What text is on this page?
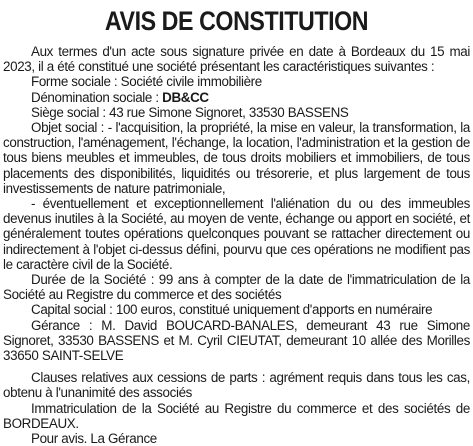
AVIS DE CONSTITUTION

Aux termes d'un acte sous signature privée en date à Bordeaux du 15 mai 2023, il a été constitué une société présentant les caractéristiques suivantes :

Forme sociale : Société civile immobilière

Dénomination sociale : DB&CC

Siège social : 43 rue Simone Signoret, 33530 BASSENS

Objet social : - l'acquisition, la propriété, la mise en valeur, la transformation, la construction, l'aménagement, l'échange, la location, l'administration et la gestion de tous biens meubles et immeubles, de tous droits mobiliers et immobiliers, de tous placements des disponibilités, liquidités ou trésorerie, et plus largement de tous investissements de nature patrimoniale,

- éventuellement et exceptionnellement l'aliénation du ou des immeubles devenus inutiles à la Société, au moyen de vente, échange ou apport en société, et généralement toutes opérations quelconques pouvant se rattacher directement ou indirectement à l'objet ci-dessus défini, pourvu que ces opérations ne modifient pas le caractère civil de la Société.

Durée de la Société : 99 ans à compter de la date de l'immatriculation de la Société au Registre du commerce et des sociétés

Capital social : 100 euros, constitué uniquement d'apports en numéraire

Gérance : M. David BOUCARD-BANALES, demeurant 43 rue Simone Signoret, 33530 BASSENS et M. Cyril CIEUTAT, demeurant 10 allée des Morilles 33650 SAINT-SELVE

Clauses relatives aux cessions de parts : agrément requis dans tous les cas, obtenu à l'unanimité des associés

Immatriculation de la Société au Registre du commerce et des sociétés de BORDEAUX.

Pour avis. La Gérance
